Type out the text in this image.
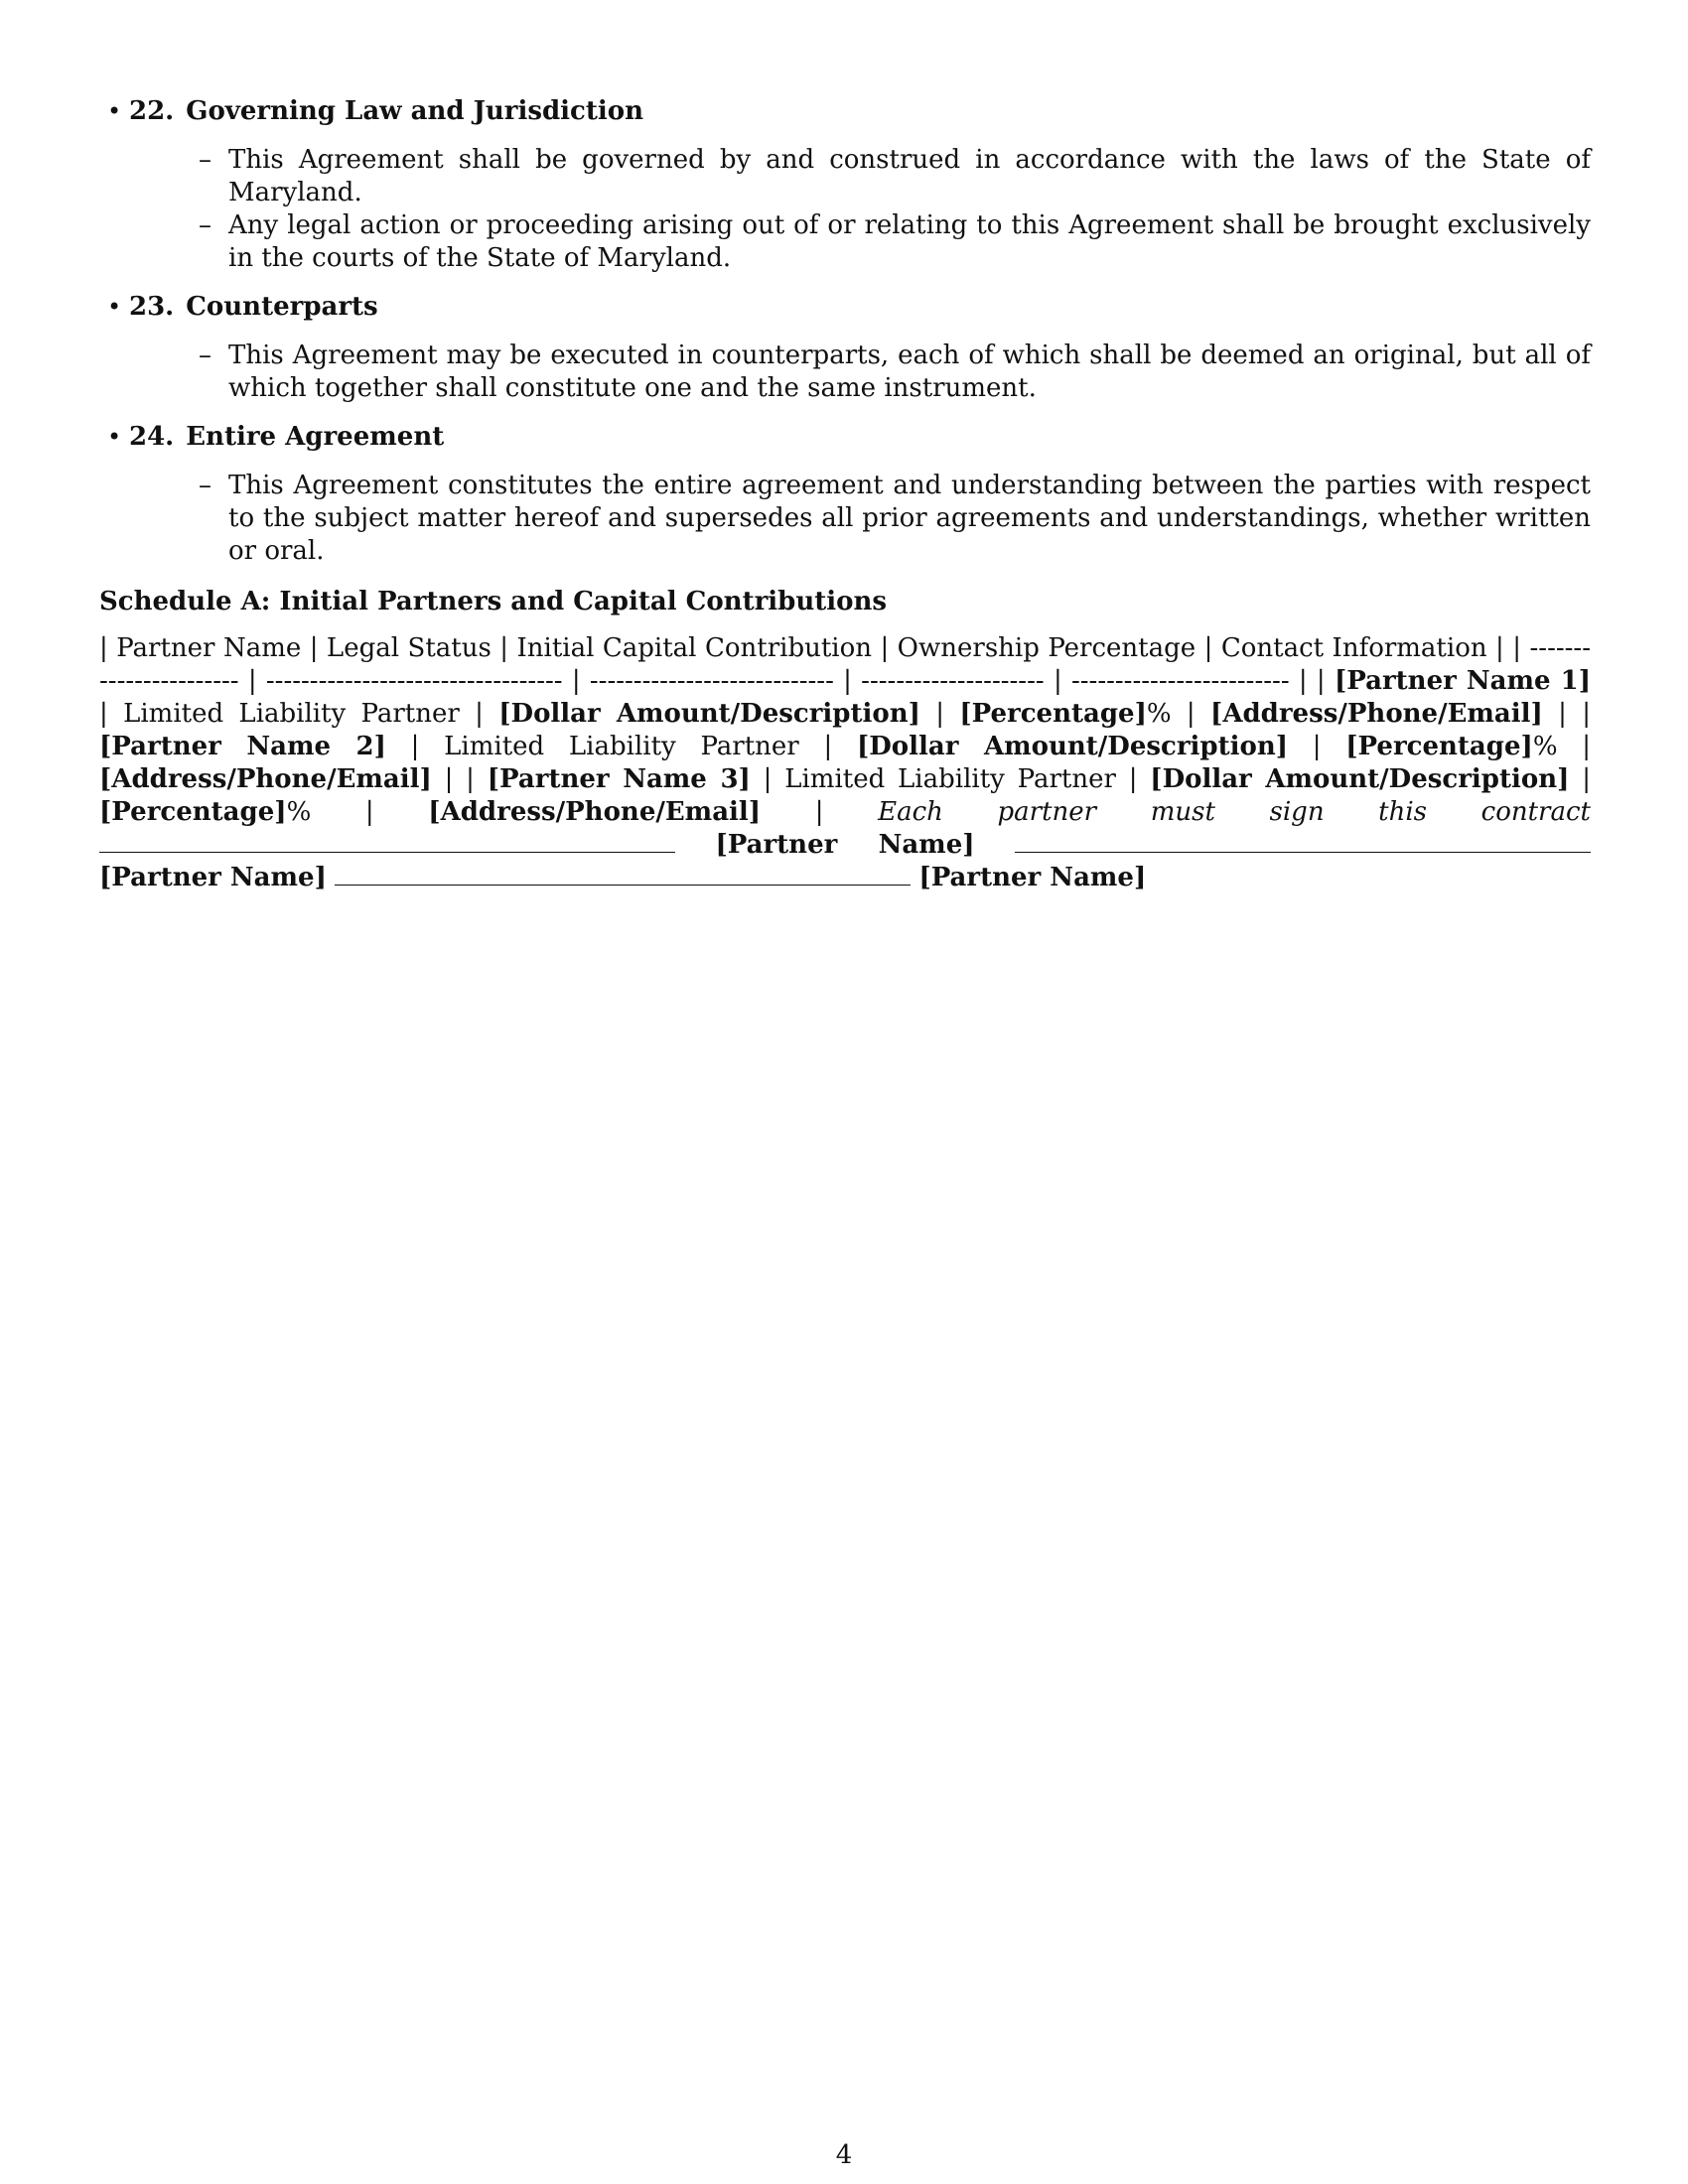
• 22. Governing Law and Jurisdiction
– This Agreement shall be governed by and construed in accordance with the laws of the State of Maryland.
– Any legal action or proceeding arising out of or relating to this Agreement shall be brought exclusively in the courts of the State of Maryland.
• 23. Counterparts
– This Agreement may be executed in counterparts, each of which shall be deemed an original, but all of which together shall constitute one and the same instrument.
• 24. Entire Agreement
– This Agreement constitutes the entire agreement and understanding between the parties with respect to the subject matter hereof and supersedes all prior agreements and understandings, whether written or oral.
Schedule A: Initial Partners and Capital Contributions
| Partner Name | Legal Status | Initial Capital Contribution | Ownership Percentage | Contact Information | | ----------------------- | ---------------------------------- | ---------------------------- | --------------------- | ------------------------- | | [Partner Name 1] | Limited Liability Partner | [Dollar Amount/Description] | [Percentage]% | [Address/Phone/Email] | | [Partner Name 2] | Limited Liability Partner | [Dollar Amount/Description] | [Percentage]% | [Address/Phone/Email] | | [Partner Name 3] | Limited Liability Partner | [Dollar Amount/Description] | [Percentage]% | [Address/Phone/Email] | Each partner must sign this contract  [Partner Name]  [Partner Name]	[Partner Name]
4
